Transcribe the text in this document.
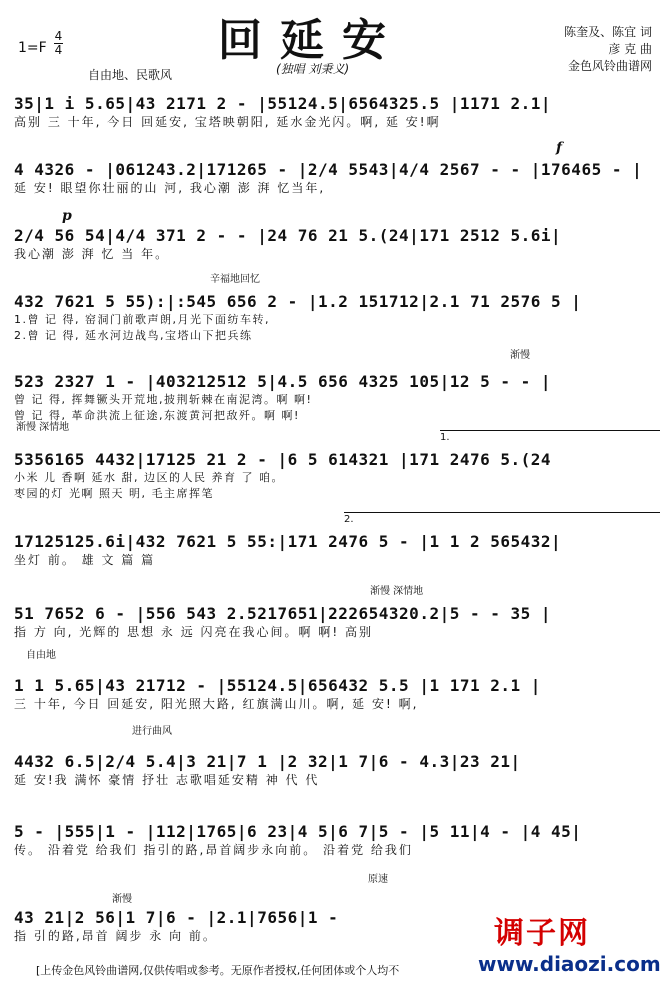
回延安
1=F
4
4
自由地、民歌风	(独唱 刘秉义)
陈奎及、陈宜 词
彦 克 曲
金色风铃曲谱网
35|1 i 5.65|43 2171 2 - |55124.5|6564325.5 |1171 2.1|
高别 三 十年, 今日 回延安, 宝塔映朝阳, 延水金光闪。啊, 延 安!啊
4 4326 - |061243.2|171265 - |2/4 5543|4/4 2567 - - |176465 - |
延 安! 眼望你壮丽的山 河, 我心潮 澎 湃 忆当年,
2/4 56 54|4/4 371 2 - - |24 76 21 5.(24|171 2512 5.6i|
我心潮 澎 湃 忆 当 年。
432 7621 5 55):|:545 656 2 - |1.2 151712|2.1 71 2576 5 |
1.曾 记 得, 窑洞门前歌声朗,月光下面纺车转,
2.曾 记 得, 延水河边战鸟,宝塔山下把兵练
523 2327 1 - |403212512 5|4.5 656 4325 105|12 5 - - |
曾 记 得, 挥舞镢头开荒地,披荆斩棘在南泥湾。啊 啊!
曾 记 得, 革命洪流上征途,东渡黄河把敌歼。啊 啊!
5356165 4432|17125 21 2 - |6 5 614321 |171 2476 5.(24
小米 儿 香啊 延水 甜, 边区的人民 养育 了 咱。
枣园的灯 光啊 照天 明, 毛主席挥笔
17125125.6i|432 7621 5 55:|171 2476 5 - |1 1 2 565432|
坐灯 前。 雄 文 篇 篇
51 7652 6 - |556 543 2.5217651|222654320.2|5 - - 35 |
指 方 向, 光辉的 思想 永 远 闪亮在我心间。啊 啊! 高别
1 1 5.65|43 21712 - |55124.5|656432 5.5 |1 171 2.1 |
三 十年, 今日 回延安, 阳光照大路, 红旗满山川。啊, 延 安! 啊,
4432 6.5|2/4 5.4|3 21|7 1 |2 32|1 7|6 - 4.3|23 21|
延 安!我 满怀 豪情 抒壮 志歌唱延安精 神 代 代
5 - |555|1 - |112|1765|6 23|4 5|6 7|5 - |5 11|4 - |4 45|
传。 沿着党 给我们 指引的路,昂首阔步永向前。 沿着党 给我们
43 21|2 56|1 7|6 - |2.1|7656|1 -
指 引的路,昂首 阔步 永 向 前。
辛福地回忆
渐慢
渐慢 深情地
渐慢 深情地
自由地
进行曲风
原速
渐慢
1.
2.
f
p
[上传金色风铃曲谱网,仅供传唱或参考。无原作者授权,任何团体或个人均不
调子网
www.diaozi.com
